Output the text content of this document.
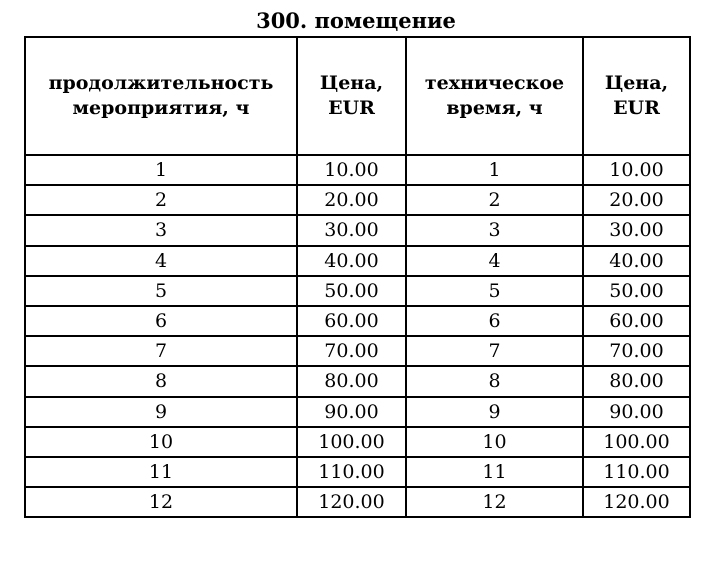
300. помещение
продолжительность мероприятия, ч	Цена, EUR	техническое время, ч	Цена, EUR
1	10.00	1	10.00
2	20.00	2	20.00
3	30.00	3	30.00
4	40.00	4	40.00
5	50.00	5	50.00
6	60.00	6	60.00
7	70.00	7	70.00
8	80.00	8	80.00
9	90.00	9	90.00
10	100.00	10	100.00
11	110.00	11	110.00
12	120.00	12	120.00
